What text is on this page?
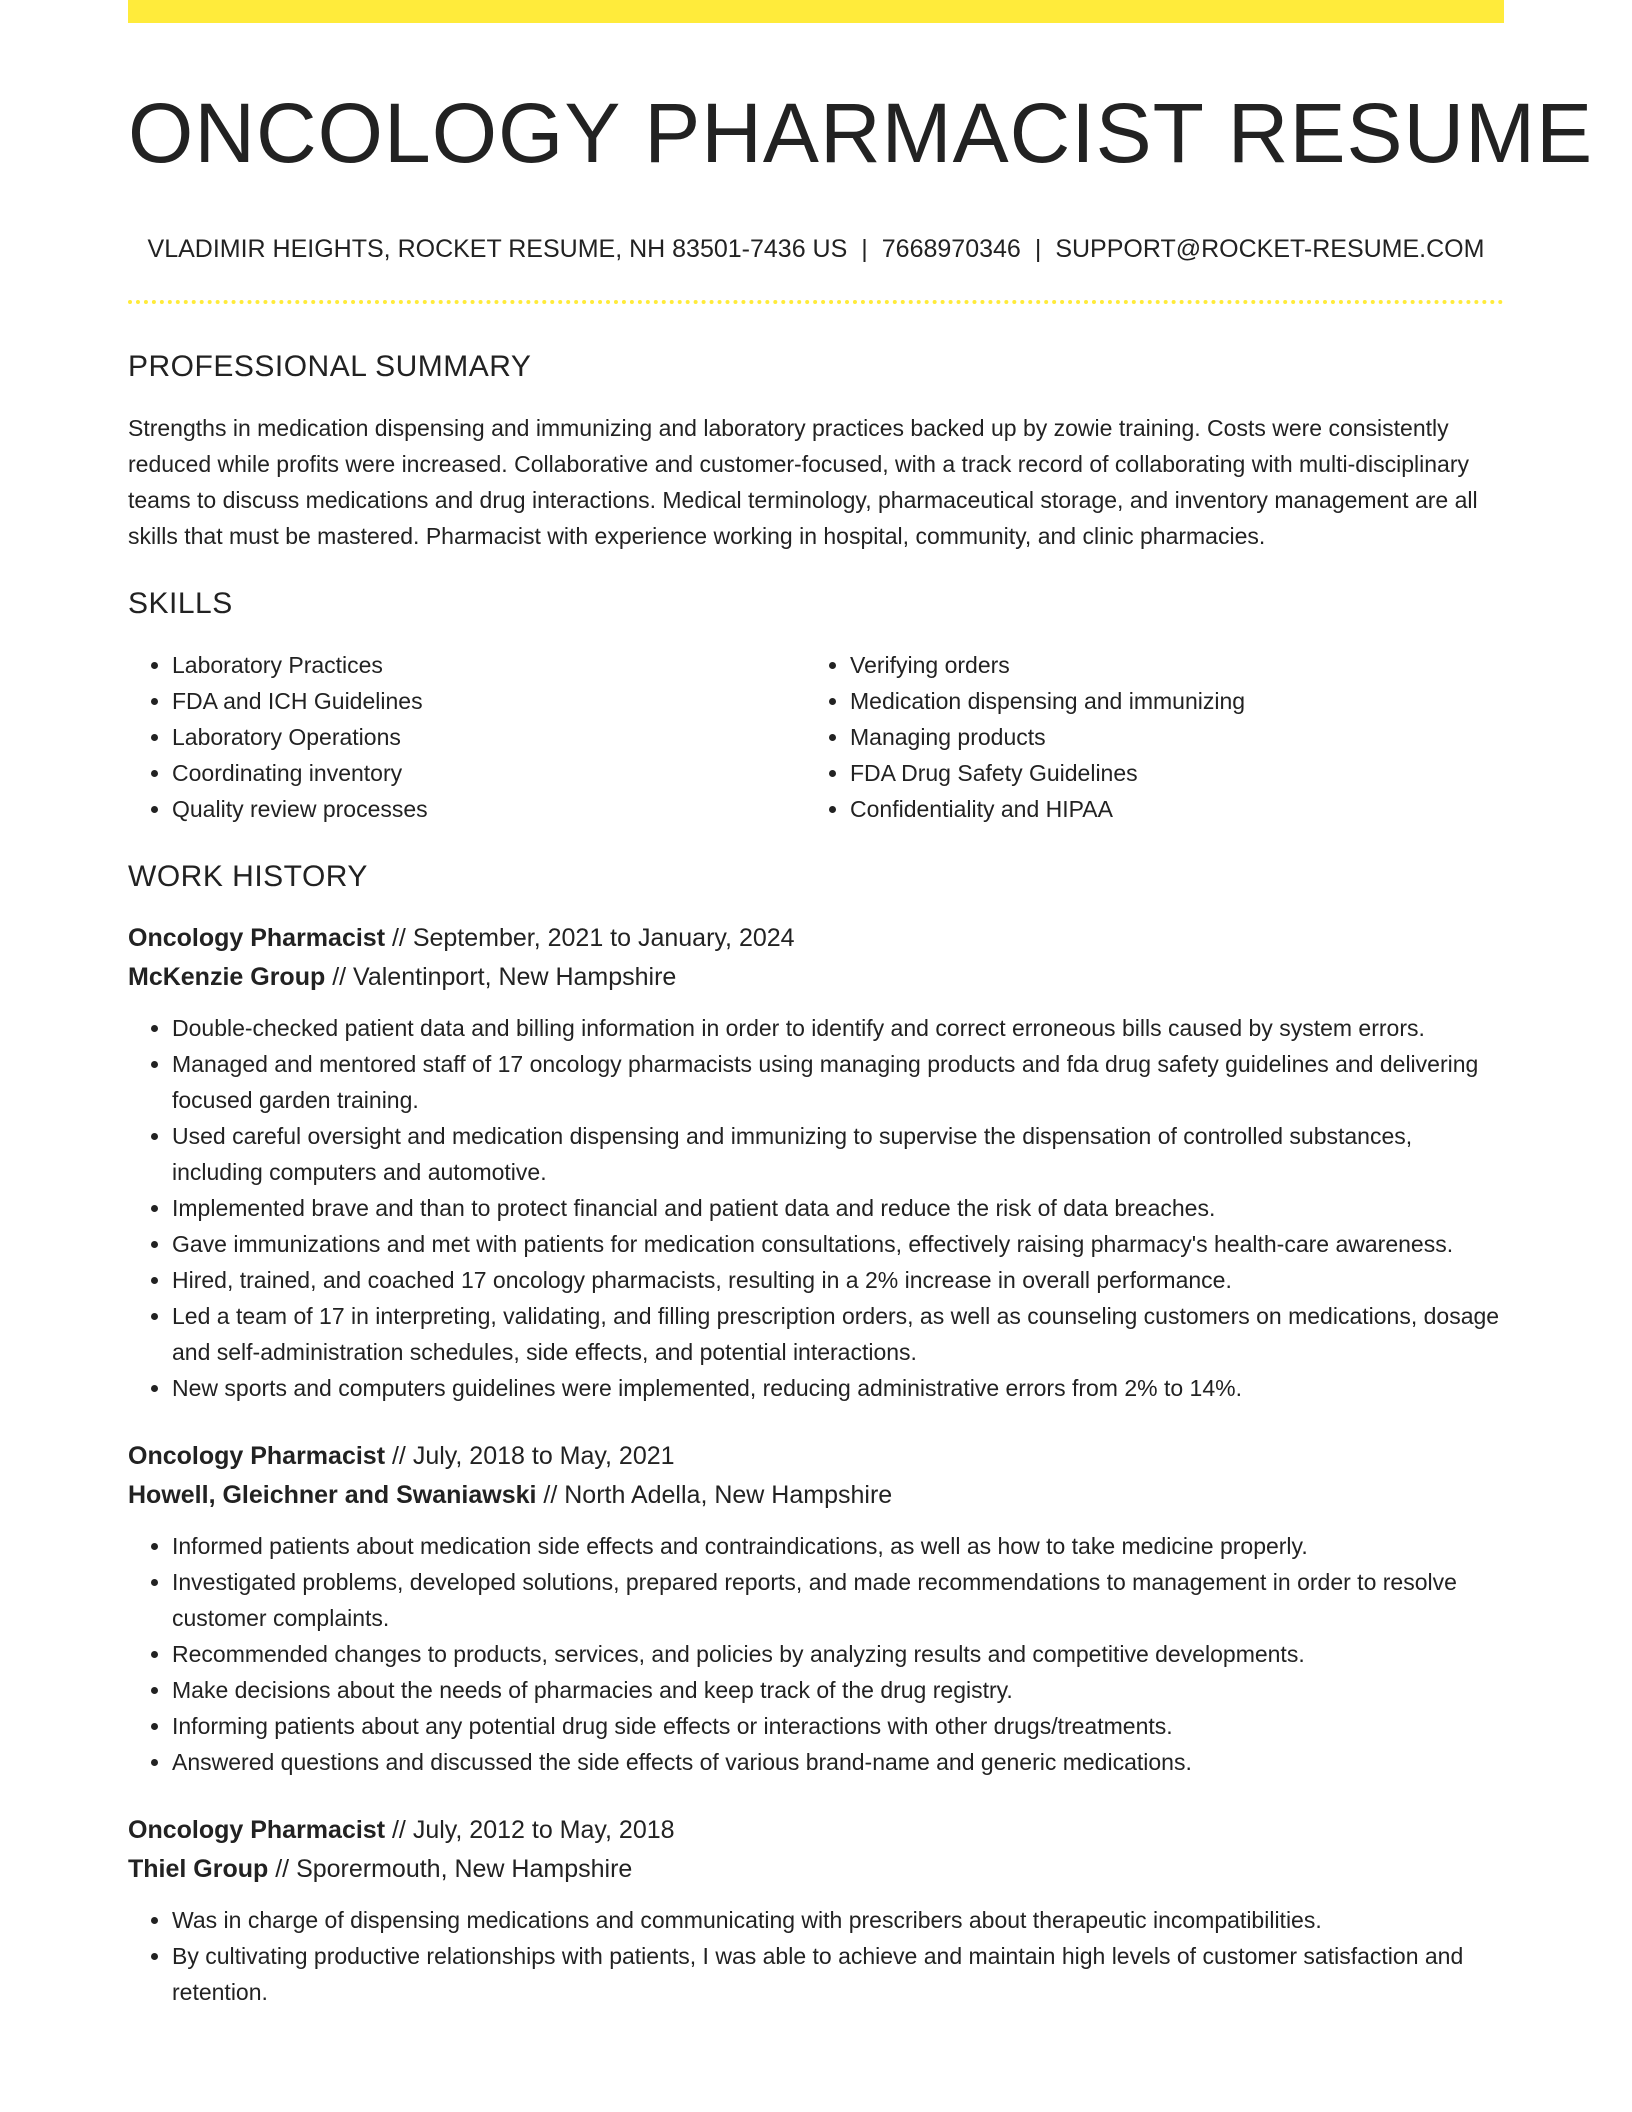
ONCOLOGY PHARMACIST RESUME
VLADIMIR HEIGHTS, ROCKET RESUME, NH 83501-7436 US | 7668970346 | SUPPORT@ROCKET-RESUME.COM
PROFESSIONAL SUMMARY

Strengths in medication dispensing and immunizing and laboratory practices backed up by zowie training. Costs were consistently reduced while profits were increased. Collaborative and customer-focused, with a track record of collaborating with multi-disciplinary teams to discuss medications and drug interactions. Medical terminology, pharmaceutical storage, and inventory management are all skills that must be mastered. Pharmacist with experience working in hospital, community, and clinic pharmacies.

SKILLS
• Laboratory Practices
• FDA and ICH Guidelines
• Laboratory Operations
• Coordinating inventory
• Quality review processes
• Verifying orders
• Medication dispensing and immunizing
• Managing products
• FDA Drug Safety Guidelines
• Confidentiality and HIPAA
WORK HISTORY
Oncology Pharmacist // September, 2021 to January, 2024
McKenzie Group // Valentinport, New Hampshire
• Double-checked patient data and billing information in order to identify and correct erroneous bills caused by system errors.
• Managed and mentored staff of 17 oncology pharmacists using managing products and fda drug safety guidelines and delivering focused garden training.
• Used careful oversight and medication dispensing and immunizing to supervise the dispensation of controlled substances, including computers and automotive.
• Implemented brave and than to protect financial and patient data and reduce the risk of data breaches.
• Gave immunizations and met with patients for medication consultations, effectively raising pharmacy's health-care awareness.
• Hired, trained, and coached 17 oncology pharmacists, resulting in a 2% increase in overall performance.
• Led a team of 17 in interpreting, validating, and filling prescription orders, as well as counseling customers on medications, dosage and self-administration schedules, side effects, and potential interactions.
• New sports and computers guidelines were implemented, reducing administrative errors from 2% to 14%.
Oncology Pharmacist // July, 2018 to May, 2021
Howell, Gleichner and Swaniawski // North Adella, New Hampshire
• Informed patients about medication side effects and contraindications, as well as how to take medicine properly.
• Investigated problems, developed solutions, prepared reports, and made recommendations to management in order to resolve customer complaints.
• Recommended changes to products, services, and policies by analyzing results and competitive developments.
• Make decisions about the needs of pharmacies and keep track of the drug registry.
• Informing patients about any potential drug side effects or interactions with other drugs/treatments.
• Answered questions and discussed the side effects of various brand-name and generic medications.
Oncology Pharmacist // July, 2012 to May, 2018
Thiel Group // Sporermouth, New Hampshire
• Was in charge of dispensing medications and communicating with prescribers about therapeutic incompatibilities.
• By cultivating productive relationships with patients, I was able to achieve and maintain high levels of customer satisfaction and retention.
